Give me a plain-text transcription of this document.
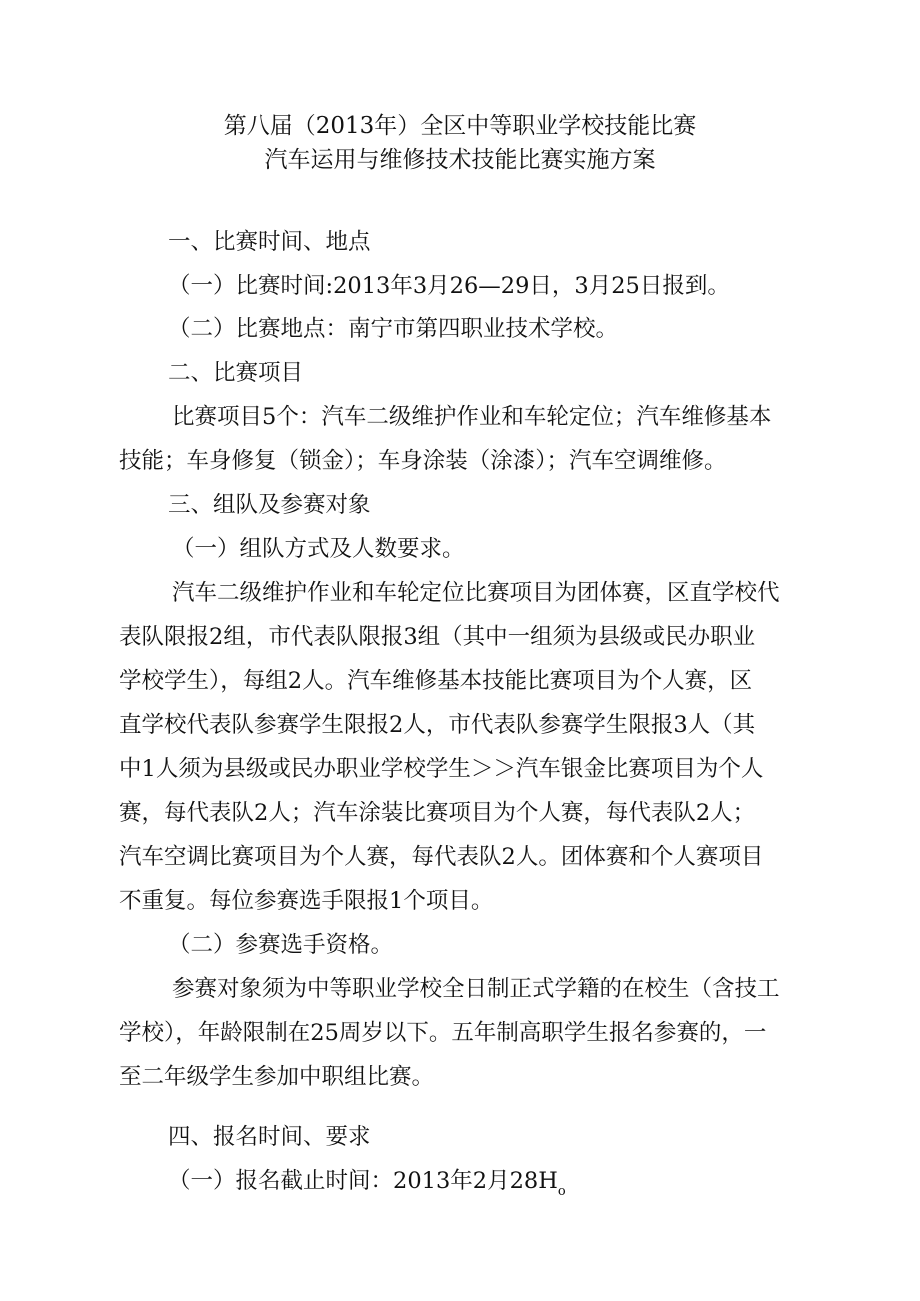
第八届（2013年）全区中等职业学校技能比赛
汽车运用与维修技术技能比赛实施方案
一、比赛时间、地点
（一）比赛时间:2013年3月26—29日，3月25日报到。
（二）比赛地点：南宁市第四职业技术学校。
二、比赛项目
比赛项目5个：汽车二级维护作业和车轮定位；汽车维修基本
技能；车身修复（锁金）；车身涂装（涂漆）；汽车空调维修。
三、组队及参赛对象
（一）组队方式及人数要求。
汽车二级维护作业和车轮定位比赛项目为团体赛，区直学校代
表队限报2组，市代表队限报3组（其中一组须为县级或民办职业
学校学生），每组2人。汽车维修基本技能比赛项目为个人赛，区
直学校代表队参赛学生限报2人，市代表队参赛学生限报3人（其
中1人须为县级或民办职业学校学生＞＞汽车银金比赛项目为个人
赛，每代表队2人；汽车涂装比赛项目为个人赛，每代表队2人；
汽车空调比赛项目为个人赛，每代表队2人。团体赛和个人赛项目
不重复。每位参赛选手限报1个项目。
（二）参赛选手资格。
参赛对象须为中等职业学校全日制正式学籍的在校生（含技工
学校），年龄限制在25周岁以下。五年制高职学生报名参赛的，一
至二年级学生参加中职组比赛。
四、报名时间、要求
（一）报名截止时间：2013年2月$28H_o$
